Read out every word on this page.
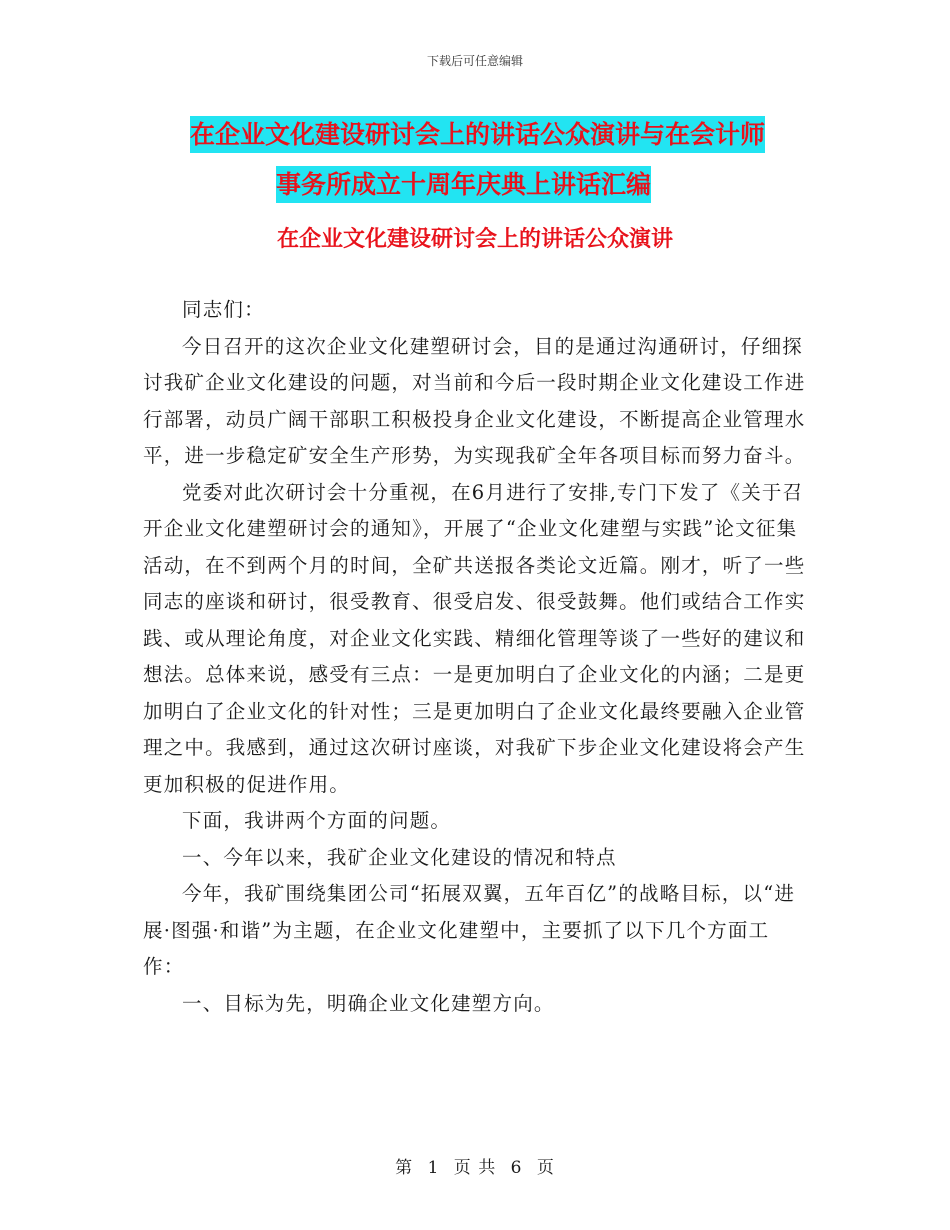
下载后可任意编辑
在企业文化建设研讨会上的讲话公众演讲与在会计师
事务所成立十周年庆典上讲话汇编
在企业文化建设研讨会上的讲话公众演讲

同志们：

今日召开的这次企业文化建塑研讨会，目的是通过沟通研讨，仔细探讨我矿企业文化建设的问题，对当前和今后一段时期企业文化建设工作进行部署，动员广阔干部职工积极投身企业文化建设，不断提高企业管理水平，进一步稳定矿安全生产形势，为实现我矿全年各项目标而努力奋斗。

党委对此次研讨会十分重视，在6月进行了安排,专门下发了《关于召开企业文化建塑研讨会的通知》，开展了“企业文化建塑与实践”论文征集活动，在不到两个月的时间，全矿共送报各类论文近篇。刚才，听了一些同志的座谈和研讨，很受教育、很受启发、很受鼓舞。他们或结合工作实践、或从理论角度，对企业文化实践、精细化管理等谈了一些好的建议和想法。总体来说，感受有三点：一是更加明白了企业文化的内涵；二是更加明白了企业文化的针对性；三是更加明白了企业文化最终要融入企业管理之中。我感到，通过这次研讨座谈，对我矿下步企业文化建设将会产生更加积极的促进作用。

下面，我讲两个方面的问题。

一、今年以来，我矿企业文化建设的情况和特点

今年，我矿围绕集团公司“拓展双翼，五年百亿”的战略目标，以“进展·图强·和谐”为主题，在企业文化建塑中，主要抓了以下几个方面工作：

一、目标为先，明确企业文化建塑方向。

第 1 页 共 6 页
